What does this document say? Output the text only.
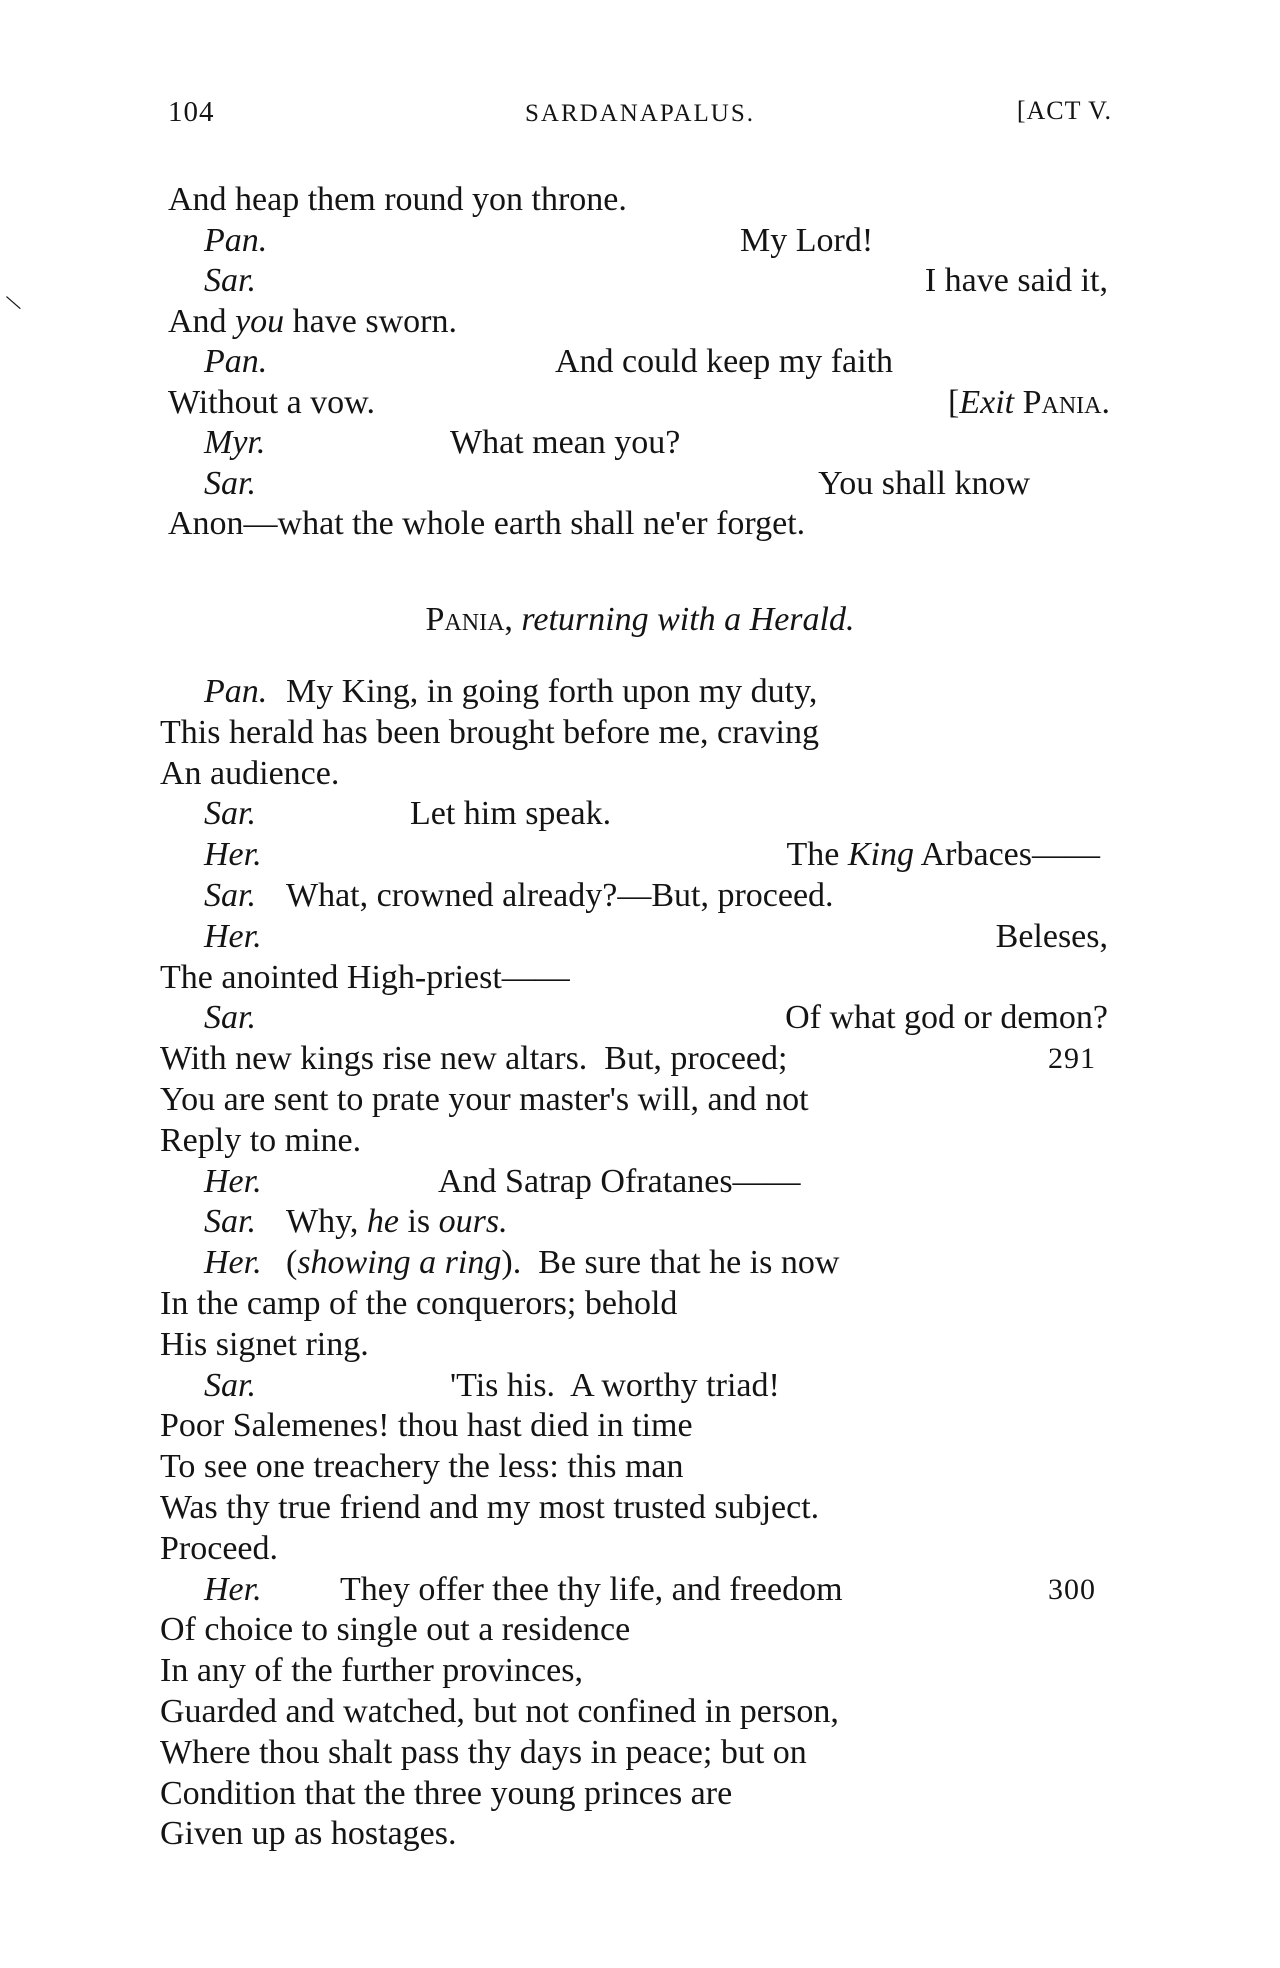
104	SARDANAPALUS.	[ACT V.
\
And heap them round yon throne.
Pan.	My Lord!
Sar.	I have said it,
And you have sworn.
Pan.	And could keep my faith
Without a vow.	[Exit Pania.
Myr.	What mean you?
Sar.	You shall know
Anon—what the whole earth shall ne'er forget.
Pan. My King, in going forth upon my duty,
This herald has been brought before me, craving
An audience.
Sar.	Let him speak.
Her.	The King Arbaces——
Sar. What, crowned already?—But, proceed.
Her.	Beleses,
The anointed High-priest——
Sar.	Of what god or demon?
With new kings rise new altars.  But, proceed;	291
You are sent to prate your master's will, and not
Reply to mine.
Her.	And Satrap Ofratanes——
Sar. Why, he is ours.
Her. (showing a ring).  Be sure that he is now
In the camp of the conquerors; behold
His signet ring.
Sar.	'Tis his.  A worthy triad!
Poor Salemenes! thou hast died in time
To see one treachery the less: this man
Was thy true friend and my most trusted subject.
Proceed.
Her. They offer thee thy life, and freedom	300
Of choice to single out a residence
In any of the further provinces,
Guarded and watched, but not confined in person,
Where thou shalt pass thy days in peace; but on
Condition that the three young princes are
Given up as hostages.
Pania, returning with a Herald.
